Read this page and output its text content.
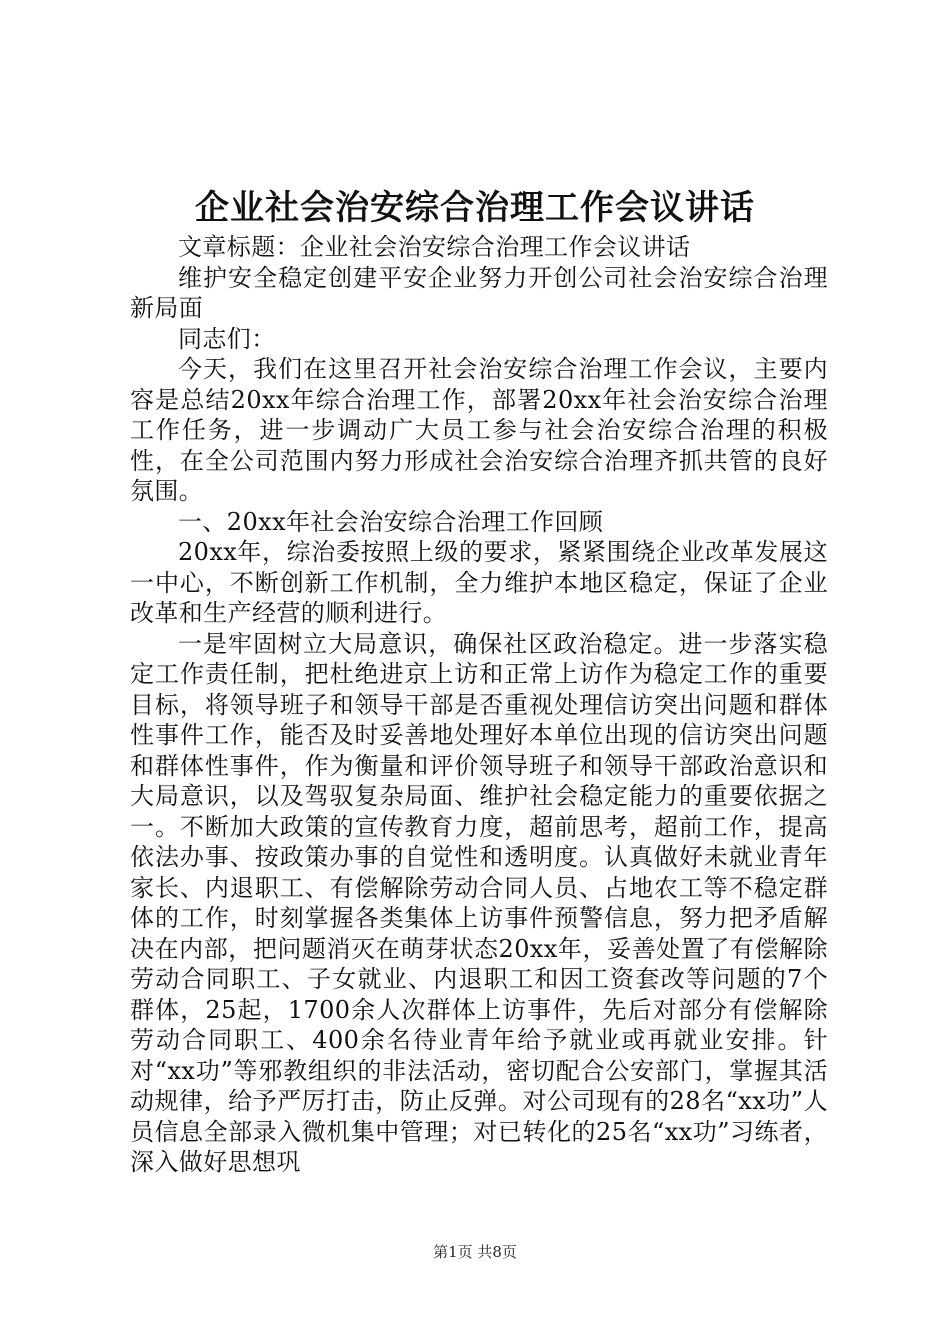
企业社会治安综合治理工作会议讲话

文章标题：企业社会治安综合治理工作会议讲话

维护安全稳定创建平安企业努力开创公司社会治安综合治理新局面

同志们：

今天，我们在这里召开社会治安综合治理工作会议，主要内容是总结20xx年综合治理工作，部署20xx年社会治安综合治理工作任务，进一步调动广大员工参与社会治安综合治理的积极性，在全公司范围内努力形成社会治安综合治理齐抓共管的良好氛围。

一、20xx年社会治安综合治理工作回顾

20xx年，综治委按照上级的要求，紧紧围绕企业改革发展这一中心，不断创新工作机制，全力维护本地区稳定，保证了企业改革和生产经营的顺利进行。

一是牢固树立大局意识，确保社区政治稳定。进一步落实稳定工作责任制，把杜绝进京上访和正常上访作为稳定工作的重要目标，将领导班子和领导干部是否重视处理信访突出问题和群体性事件工作，能否及时妥善地处理好本单位出现的信访突出问题和群体性事件，作为衡量和评价领导班子和领导干部政治意识和大局意识，以及驾驭复杂局面、维护社会稳定能力的重要依据之一。不断加大政策的宣传教育力度，超前思考，超前工作，提高依法办事、按政策办事的自觉性和透明度。认真做好未就业青年家长、内退职工、有偿解除劳动合同人员、占地农工等不稳定群体的工作，时刻掌握各类集体上访事件预警信息，努力把矛盾解决在内部，把问题消灭在萌芽状态20xx年，妥善处置了有偿解除劳动合同职工、子女就业、内退职工和因工资套改等问题的7个群体，25起，1700余人次群体上访事件，先后对部分有偿解除劳动合同职工、400余名待业青年给予就业或再就业安排。针对“xx功”等邪教组织的非法活动，密切配合公安部门，掌握其活动规律，给予严厉打击，防止反弹。对公司现有的28名“xx功”人员信息全部录入微机集中管理；对已转化的25名“xx功”习练者，深入做好思想巩

第1页 共8页
